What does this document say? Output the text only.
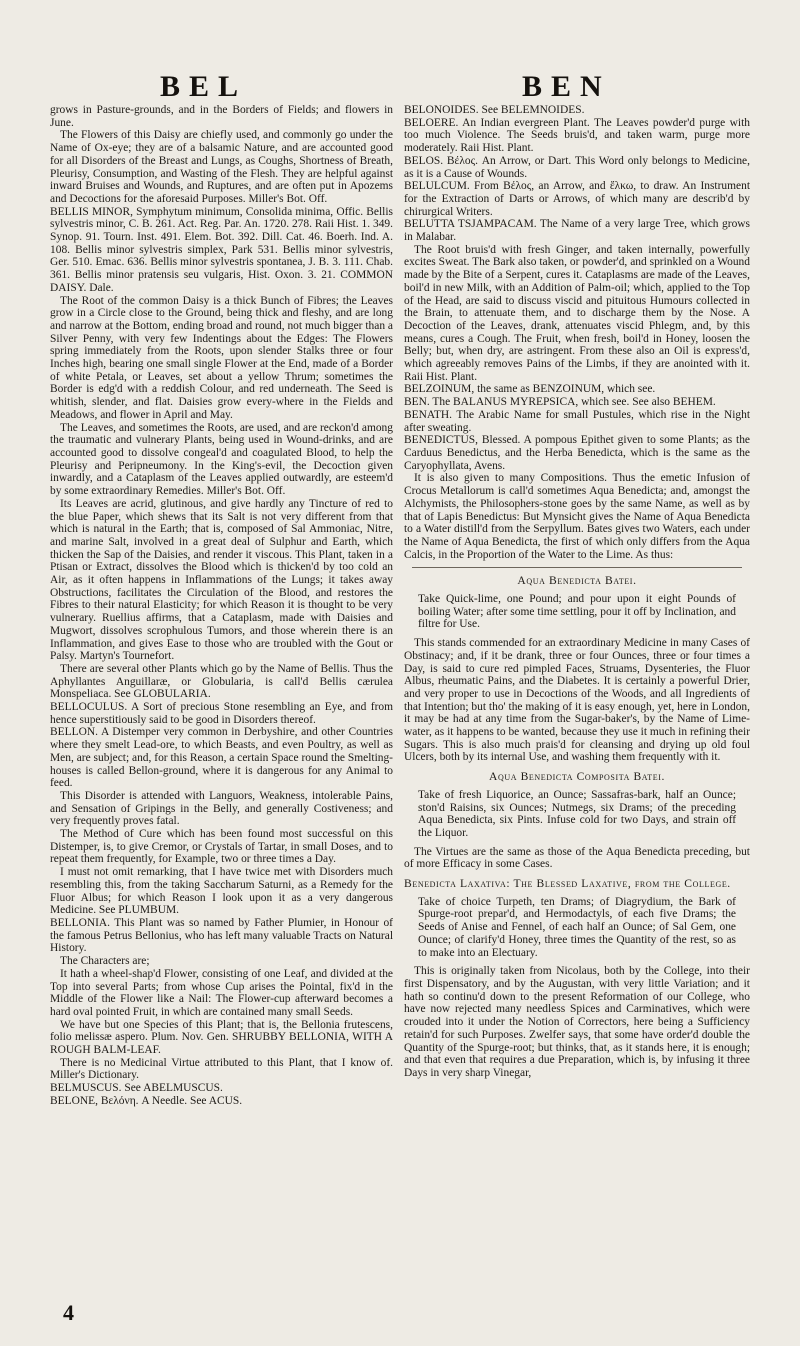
BEL	BEN

grows in Pasture-grounds, and in the Borders of Fields; and flowers in June.

The Flowers of this Daisy are chiefly used, and commonly go under the Name of Ox-eye; they are of a balsamic Nature, and are accounted good for all Disorders of the Breast and Lungs, as Coughs, Shortness of Breath, Pleurisy, Consumption, and Wasting of the Flesh. They are helpful against inward Bruises and Wounds, and Ruptures, and are often put in Apozems and Decoctions for the aforesaid Purposes. Miller's Bot. Off.

BELLIS MINOR, Symphytum minimum, Consolida minima, Offic. Bellis sylvestris minor, C. B. 261. Act. Reg. Par. An. 1720. 278. Raii Hist. 1. 349. Synop. 91. Tourn. Inst. 491. Elem. Bot. 392. Dill. Cat. 46. Boerh. Ind. A. 108. Bellis minor sylvestris simplex, Park 531. Bellis minor sylvestris, Ger. 510. Emac. 636. Bellis minor sylvestris spontanea, J. B. 3. 111. Chab. 361. Bellis minor pratensis seu vulgaris, Hist. Oxon. 3. 21. COMMON DAISY. Dale.

The Root of the common Daisy is a thick Bunch of Fibres; the Leaves grow in a Circle close to the Ground, being thick and fleshy, and are long and narrow at the Bottom, ending broad and round, not much bigger than a Silver Penny, with very few Indentings about the Edges: The Flowers spring immediately from the Roots, upon slender Stalks three or four Inches high, bearing one small single Flower at the End, made of a Border of white Petala, or Leaves, set about a yellow Thrum; sometimes the Border is edg'd with a reddish Colour, and red underneath. The Seed is whitish, slender, and flat. Daisies grow every-where in the Fields and Meadows, and flower in April and May.

The Leaves, and sometimes the Roots, are used, and are reckon'd among the traumatic and vulnerary Plants, being used in Wound-drinks, and are accounted good to dissolve congeal'd and coagulated Blood, to help the Pleurisy and Peripneumony. In the King's-evil, the Decoction given inwardly, and a Cataplasm of the Leaves applied outwardly, are esteem'd by some extraordinary Remedies. Miller's Bot. Off.

Its Leaves are acrid, glutinous, and give hardly any Tincture of red to the blue Paper, which shews that its Salt is not very different from that which is natural in the Earth; that is, composed of Sal Ammoniac, Nitre, and marine Salt, involved in a great deal of Sulphur and Earth, which thicken the Sap of the Daisies, and render it viscous. This Plant, taken in a Ptisan or Extract, dissolves the Blood which is thicken'd by too cold an Air, as it often happens in Inflammations of the Lungs; it takes away Obstructions, facilitates the Circulation of the Blood, and restores the Fibres to their natural Elasticity; for which Reason it is thought to be very vulnerary. Ruellius affirms, that a Cataplasm, made with Daisies and Mugwort, dissolves scrophulous Tumors, and those wherein there is an Inflammation, and gives Ease to those who are troubled with the Gout or Palsy. Martyn's Tournefort.

There are several other Plants which go by the Name of Bellis. Thus the Aphyllantes Anguillaræ, or Globularia, is call'd Bellis cærulea Monspeliaca. See GLOBULARIA.

BELLOCULUS. A Sort of precious Stone resembling an Eye, and from hence superstitiously said to be good in Disorders thereof.

BELLON. A Distemper very common in Derbyshire, and other Countries where they smelt Lead-ore, to which Beasts, and even Poultry, as well as Men, are subject; and, for this Reason, a certain Space round the Smelting-houses is called Bellon-ground, where it is dangerous for any Animal to feed.

This Disorder is attended with Languors, Weakness, intolerable Pains, and Sensation of Gripings in the Belly, and generally Costiveness; and very frequently proves fatal.

The Method of Cure which has been found most successful on this Distemper, is, to give Cremor, or Crystals of Tartar, in small Doses, and to repeat them frequently, for Example, two or three times a Day.

I must not omit remarking, that I have twice met with Disorders much resembling this, from the taking Saccharum Saturni, as a Remedy for the Fluor Albus; for which Reason I look upon it as a very dangerous Medicine. See PLUMBUM.

BELLONIA. This Plant was so named by Father Plumier, in Honour of the famous Petrus Bellonius, who has left many valuable Tracts on Natural History.

The Characters are;

It hath a wheel-shap'd Flower, consisting of one Leaf, and divided at the Top into several Parts; from whose Cup arises the Pointal, fix'd in the Middle of the Flower like a Nail: The Flower-cup afterward becomes a hard oval pointed Fruit, in which are contained many small Seeds.

We have but one Species of this Plant; that is, the Bellonia frutescens, folio melissæ aspero. Plum. Nov. Gen. SHRUBBY BELLONIA, WITH A ROUGH BALM-LEAF.

There is no Medicinal Virtue attributed to this Plant, that I know of. Miller's Dictionary.

BELMUSCUS. See ABELMUSCUS.

BELONE, Βελόνη. A Needle. See ACUS.

BELONOIDES. See BELEMNOIDES.

BELOERE. An Indian evergreen Plant. The Leaves powder'd purge with too much Violence. The Seeds bruis'd, and taken warm, purge more moderately. Raii Hist. Plant.

BELOS. Βέλος. An Arrow, or Dart. This Word only belongs to Medicine, as it is a Cause of Wounds.

BELULCUM. From Βέλος, an Arrow, and ἕλκω, to draw. An Instrument for the Extraction of Darts or Arrows, of which many are describ'd by chirurgical Writers.

BELUTTA TSJAMPACAM. The Name of a very large Tree, which grows in Malabar.

The Root bruis'd with fresh Ginger, and taken internally, powerfully excites Sweat. The Bark also taken, or powder'd, and sprinkled on a Wound made by the Bite of a Serpent, cures it. Cataplasms are made of the Leaves, boil'd in new Milk, with an Addition of Palm-oil; which, applied to the Top of the Head, are said to discuss viscid and pituitous Humours collected in the Brain, to attenuate them, and to discharge them by the Nose. A Decoction of the Leaves, drank, attenuates viscid Phlegm, and, by this means, cures a Cough. The Fruit, when fresh, boil'd in Honey, loosen the Belly; but, when dry, are astringent. From these also an Oil is express'd, which agreeably removes Pains of the Limbs, if they are anointed with it. Raii Hist. Plant.

BELZOINUM, the same as BENZOINUM, which see.

BEN. The BALANUS MYREPSICA, which see. See also BEHEM.

BENATH. The Arabic Name for small Pustules, which rise in the Night after sweating.

BENEDICTUS, Blessed. A pompous Epithet given to some Plants; as the Carduus Benedictus, and the Herba Benedicta, which is the same as the Caryophyllata, Avens.

It is also given to many Compositions. Thus the emetic Infusion of Crocus Metallorum is call'd sometimes Aqua Benedicta; and, amongst the Alchymists, the Philosophers-stone goes by the same Name, as well as by that of Lapis Benedictus: But Mynsicht gives the Name of Aqua Benedicta to a Water distill'd from the Serpyllum. Bates gives two Waters, each under the Name of Aqua Benedicta, the first of which only differs from the Aqua Calcis, in the Proportion of the Water to the Lime. As thus:

Aqua Benedicta Batei.

Take Quick-lime, one Pound; and pour upon it eight Pounds of boiling Water; after some time settling, pour it off by Inclination, and filtre for Use.

This stands commended for an extraordinary Medicine in many Cases of Obstinacy; and, if it be drank, three or four Ounces, three or four times a Day, is said to cure red pimpled Faces, Struams, Dysenteries, the Fluor Albus, rheumatic Pains, and the Diabetes. It is certainly a powerful Drier, and very proper to use in Decoctions of the Woods, and all Ingredients of that Intention; but tho' the making of it is easy enough, yet, here in London, it may be had at any time from the Sugar-baker's, by the Name of Lime-water, as it happens to be wanted, because they use it much in refining their Sugars. This is also much prais'd for cleansing and drying up old foul Ulcers, both by its internal Use, and washing them frequently with it.

Aqua Benedicta Composita Batei.

Take of fresh Liquorice, an Ounce; Sassafras-bark, half an Ounce; ston'd Raisins, six Ounces; Nutmegs, six Drams; of the preceding Aqua Benedicta, six Pints. Infuse cold for two Days, and strain off the Liquor.

The Virtues are the same as those of the Aqua Benedicta preceding, but of more Efficacy in some Cases.

Benedicta Laxativa: The Blessed Laxative, from the College.

Take of choice Turpeth, ten Drams; of Diagrydium, the Bark of Spurge-root prepar'd, and Hermodactyls, of each five Drams; the Seeds of Anise and Fennel, of each half an Ounce; of Sal Gem, one Ounce; of clarify'd Honey, three times the Quantity of the rest, so as to make into an Electuary.

This is originally taken from Nicolaus, both by the College, into their first Dispensatory, and by the Augustan, with very little Variation; and it hath so continu'd down to the present Reformation of our College, who have now rejected many needless Spices and Carminatives, which were crouded into it under the Notion of Correctors, here being a Sufficiency retain'd for such Purposes. Zwelfer says, that some have order'd double the Quantity of the Spurge-root; but thinks, that, as it stands here, it is enough; and that even that requires a due Preparation, which is, by infusing it three Days in very sharp Vinegar,

4
